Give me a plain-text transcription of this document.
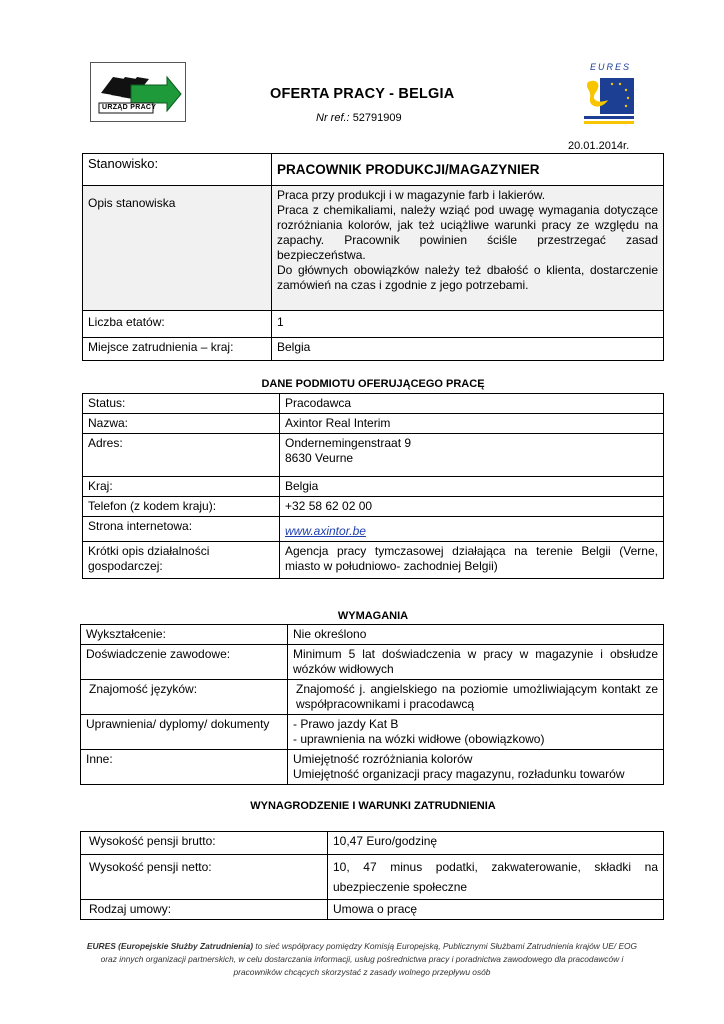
URZĄD PRACY
EURES
OFERTA PRACY - BELGIA
Nr ref.: 52791909
20.01.2014r.
Stanowisko:	PRACOWNIK PRODUKCJI/MAGAZYNIER
Opis stanowiska	Praca przy produkcji i w magazynie farb i lakierów.
Praca z chemikaliami, należy wziąć pod uwagę wymagania dotyczące rozróżniania kolorów, jak też uciążliwe warunki pracy ze względu na zapachy. Pracownik powinien ściśle przestrzegać zasad bezpieczeństwa.
Do głównych obowiązków należy też dbałość o klienta, dostarczenie zamówień na czas i zgodnie z jego potrzebami.

Liczba etatów:	1
Miejsce zatrudnienia – kraj:	Belgia
DANE PODMIOTU OFERUJĄCEGO PRACĘ
Status:	Pracodawca
Nazwa:	Axintor Real Interim
Adres:	Ondernemingenstraat 9
8630 Veurne

Kraj:	Belgia
Telefon (z kodem kraju):	+32 58 62 02 00
Strona internetowa:	www.axintor.be
Krótki opis działalności gospodarczej:	Agencja pracy tymczasowej działająca na terenie Belgii (Verne, miasto w południowo- zachodniej Belgii)
WYMAGANIA
Wykształcenie:	Nie określono
Doświadczenie zawodowe:	Minimum 5 lat doświadczenia w pracy w magazynie i obsłudze wózków widłowych
Znajomość języków:	Znajomość j. angielskiego na poziomie umożliwiającym kontakt ze współpracownikami i pracodawcą
Uprawnienia/ dyplomy/ dokumenty	- Prawo jazdy Kat B
- uprawnienia na wózki widłowe (obowiązkowo)

Inne:	Umiejętność rozróżniania kolorów
Umiejętność organizacji pracy magazynu, rozładunku towarów
WYNAGRODZENIE I WARUNKI ZATRUDNIENIA
Wysokość pensji brutto:	10,47 Euro/godzinę
Wysokość pensji netto:	10, 47 minus podatki, zakwaterowanie, składki na ubezpieczenie społeczne
Rodzaj umowy:	Umowa o pracę
EURES (Europejskie Służby Zatrudnienia) to sieć współpracy pomiędzy Komisją Europejską, Publicznymi Służbami Zatrudnienia krajów UE/ EOG oraz innych organizacji partnerskich, w celu dostarczania informacji, usług pośrednictwa pracy i poradnictwa zawodowego dla pracodawców i pracowników chcących skorzystać z zasady wolnego przepływu osób
